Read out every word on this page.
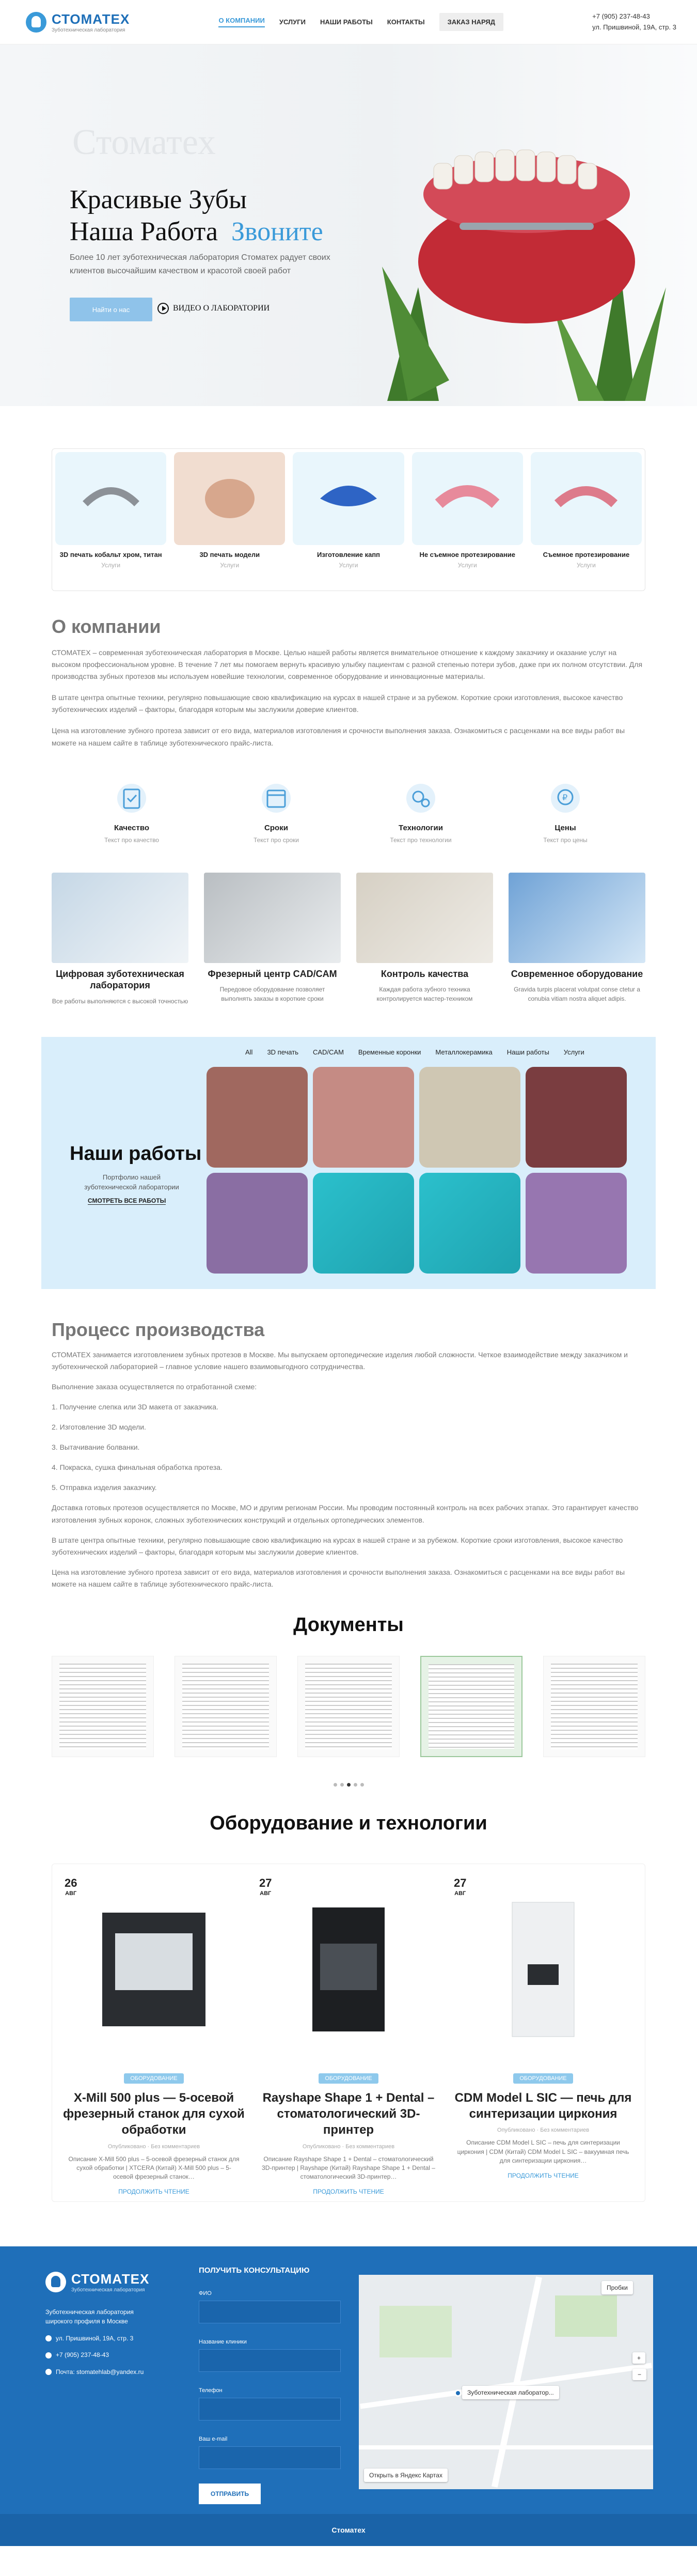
СТОМАТЕХ
Зуботехническая лаборатория
О КОМПАНИИ УСЛУГИ НАШИ РАБОТЫ КОНТАКТЫ	ЗАКАЗ НАРЯД
+7 (905) 237-48-43
ул. Пришвиной, 19А, стр. 3
Стоматех
Красивые Зубы
Наша Работа Звоните
Более 10 лет зуботехническая лаборатория Стоматех радует своих клиентов высочайшим качеством и красотой своей работ
Найти о нас	ВИДЕО О ЛАБОРАТОРИИ
3D печать кобальт хром, титан
Услуги
3D печать модели
Услуги
Изготовление капп
Услуги
Не съемное протезирование
Услуги
Съемное протезирование
Услуги
О компании

СТОМАТЕХ – современная зуботехническая лаборатория в Москве. Целью нашей работы является внимательное отношение к каждому заказчику и оказание услуг на высоком профессиональном уровне. В течение 7 лет мы помогаем вернуть красивую улыбку пациентам с разной степенью потери зубов, даже при их полном отсутствии. Для производства зубных протезов мы используем новейшие технологии, современное оборудование и инновационные материалы.

В штате центра опытные техники, регулярно повышающие свою квалификацию на курсах в нашей стране и за рубежом. Короткие сроки изготовления, высокое качество зуботехнических изделий – факторы, благодаря которым мы заслужили доверие клиентов.

Цена на изготовление зубного протеза зависит от его вида, материалов изготовления и срочности выполнения заказа. Ознакомиться с расценками на все виды работ вы можете на нашем сайте в таблице зуботехнического прайс-листа.

Качество
Текст про качество
Сроки
Текст про сроки
Технологии
Текст про технологии
₽
Цены
Текст про цены
Цифровая зуботехническая лаборатория
Все работы выполняются с высокой точностью
Фрезерный центр CAD/CAM
Передовое оборудование позволяет выполнять заказы в короткие сроки
Контроль качества
Каждая работа зубного техника контролируется мастер-техником
Современное оборудование
Gravida turpis placerat volutpat conse ctetur a conubia vitiam nostra aliquet adipis.
All 3D печать CAD/CAM Временные коронки Металлокерамика Наши работы Услуги
Наши работы
Портфолио нашей зуботехнической лаборатории
СМОТРЕТЬ ВСЕ РАБОТЫ
Процесс производства

СТОМАТЕХ занимается изготовлением зубных протезов в Москве. Мы выпускаем ортопедические изделия любой сложности. Четкое взаимодействие между заказчиком и зуботехнической лабораторией – главное условие нашего взаимовыгодного сотрудничества.

Выполнение заказа осуществляется по отработанной схеме:

1. Получение слепка или 3D макета от заказчика.

2. Изготовление 3D модели.

3. Вытачивание болванки.

4. Покраска, сушка финальная обработка протеза.

5. Отправка изделия заказчику.

Доставка готовых протезов осуществляется по Москве, МО и другим регионам России. Мы проводим постоянный контроль на всех рабочих этапах. Это гарантирует качество изготовления зубных коронок, сложных зуботехнических конструкций и отдельных ортопедических элементов.

В штате центра опытные техники, регулярно повышающие свою квалификацию на курсах в нашей стране и за рубежом. Короткие сроки изготовления, высокое качество зуботехнических изделий – факторы, благодаря которым мы заслужили доверие клиентов.

Цена на изготовление зубного протеза зависит от его вида, материалов изготовления и срочности выполнения заказа. Ознакомиться с расценками на все виды работ вы можете на нашем сайте в таблице зуботехнического прайс-листа.

Документы
Оборудование и технологии
26
АВГ
ОБОРУДОВАНИЕ
X-Mill 500 plus — 5-осевой фрезерный станок для сухой обработки
Опубликовано · Без комментариев
Описание X-Mill 500 plus – 5-осевой фрезерный станок для сухой обработки | XTCERA (Китай) X-Mill 500 plus – 5-осевой фрезерный станок…
ПРОДОЛЖИТЬ ЧТЕНИЕ
27
АВГ
ОБОРУДОВАНИЕ
Rayshape Shape 1 + Dental – стоматологический 3D-принтер
Опубликовано · Без комментариев
Описание Rayshape Shape 1 + Dental – стоматологический 3D-принтер | Rayshape (Китай) Rayshape Shape 1 + Dental – стоматологический 3D-принтер…
ПРОДОЛЖИТЬ ЧТЕНИЕ
27
АВГ
ОБОРУДОВАНИЕ
CDM Model L SIC — печь для синтеризации циркония
Опубликовано · Без комментариев
Описание CDM Model L SIC – печь для синтеризации циркония | CDM (Китай) CDM Model L SIC – вакуумная печь для синтеризации циркония…
ПРОДОЛЖИТЬ ЧТЕНИЕ
СТОМАТЕХ
Зуботехническая лаборатория
Зуботехническая лаборатория широкого профиля в Москве
ул. Пришвиной, 19А, стр. 3
+7 (905) 237-48-43
Почта: stomatehlab@yandex.ru
ПОЛУЧИТЬ КОНСУЛЬТАЦИЮ
ФИО
Название клиники
Телефон
Ваш e-mail
ОТПРАВИТЬ
Пробки
Зуботехническая лаборатор...
Открыть в Яндекс Картах
+
−
Стоматех
